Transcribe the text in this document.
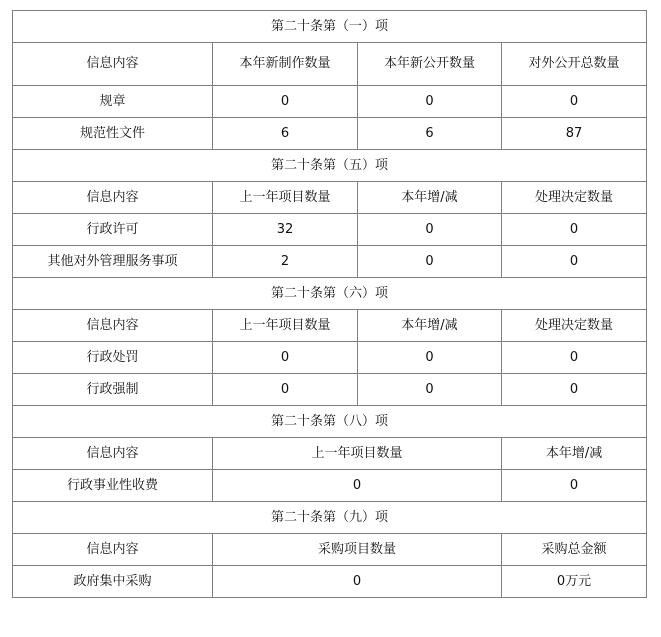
第二十条第（一）项			
信息内容	本年新制作数量	本年新公开数量	对外公开总数量
规章	0	0	0
规范性文件	6	6	87
第二十条第（五）项			
信息内容	上一年项目数量	本年增/减	处理决定数量
行政许可	32	0	0
其他对外管理服务事项	2	0	0
第二十条第（六）项			
信息内容	上一年项目数量	本年增/减	处理决定数量
行政处罚	0	0	0
行政强制	0	0	0
第二十条第（八）项			
信息内容	上一年项目数量		本年增/减
行政事业性收费	0		0
第二十条第（九）项			
信息内容	采购项目数量		采购总金额
政府集中采购	0		0万元
